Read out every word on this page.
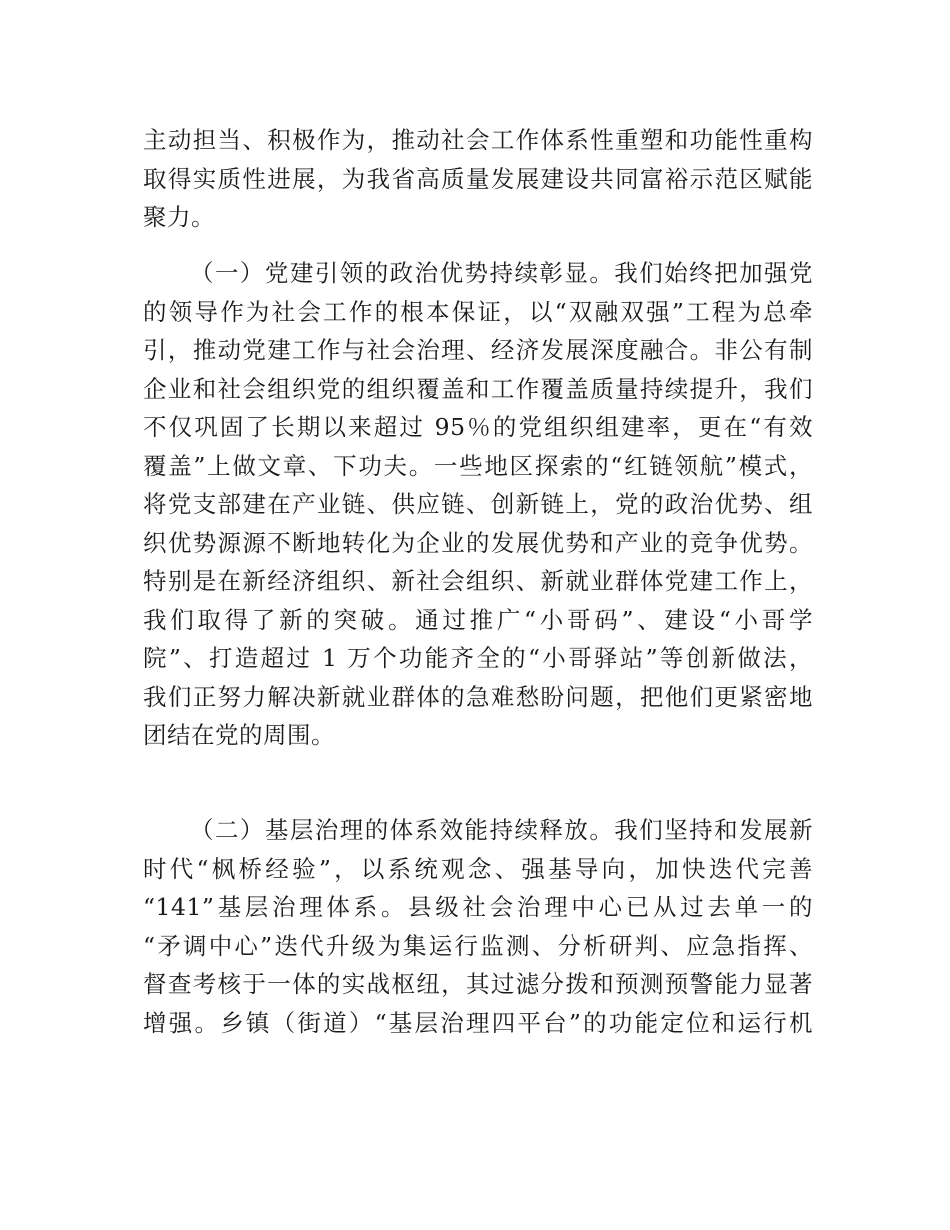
主动担当、积极作为，推动社会工作体系性重塑和功能性重构
取得实质性进展，为我省高质量发展建设共同富裕示范区赋能
聚力。
（一）党建引领的政治优势持续彰显。我们始终把加强党
的领导作为社会工作的根本保证，以“双融双强”工程为总牵
引，推动党建工作与社会治理、经济发展深度融合。非公有制
企业和社会组织党的组织覆盖和工作覆盖质量持续提升，我们
不仅巩固了长期以来超过 95％的党组织组建率，更在“有效
覆盖”上做文章、下功夫。一些地区探索的“红链领航”模式，
将党支部建在产业链、供应链、创新链上，党的政治优势、组
织优势源源不断地转化为企业的发展优势和产业的竞争优势。
特别是在新经济组织、新社会组织、新就业群体党建工作上，
我们取得了新的突破。通过推广“小哥码”、建设“小哥学
院”、打造超过 1 万个功能齐全的“小哥驿站”等创新做法，
我们正努力解决新就业群体的急难愁盼问题，把他们更紧密地
团结在党的周围。
（二）基层治理的体系效能持续释放。我们坚持和发展新
时代“枫桥经验”，以系统观念、强基导向，加快迭代完善
“141”基层治理体系。县级社会治理中心已从过去单一的
“矛调中心”迭代升级为集运行监测、分析研判、应急指挥、
督查考核于一体的实战枢纽，其过滤分拨和预测预警能力显著
增强。乡镇（街道）“基层治理四平台”的功能定位和运行机
